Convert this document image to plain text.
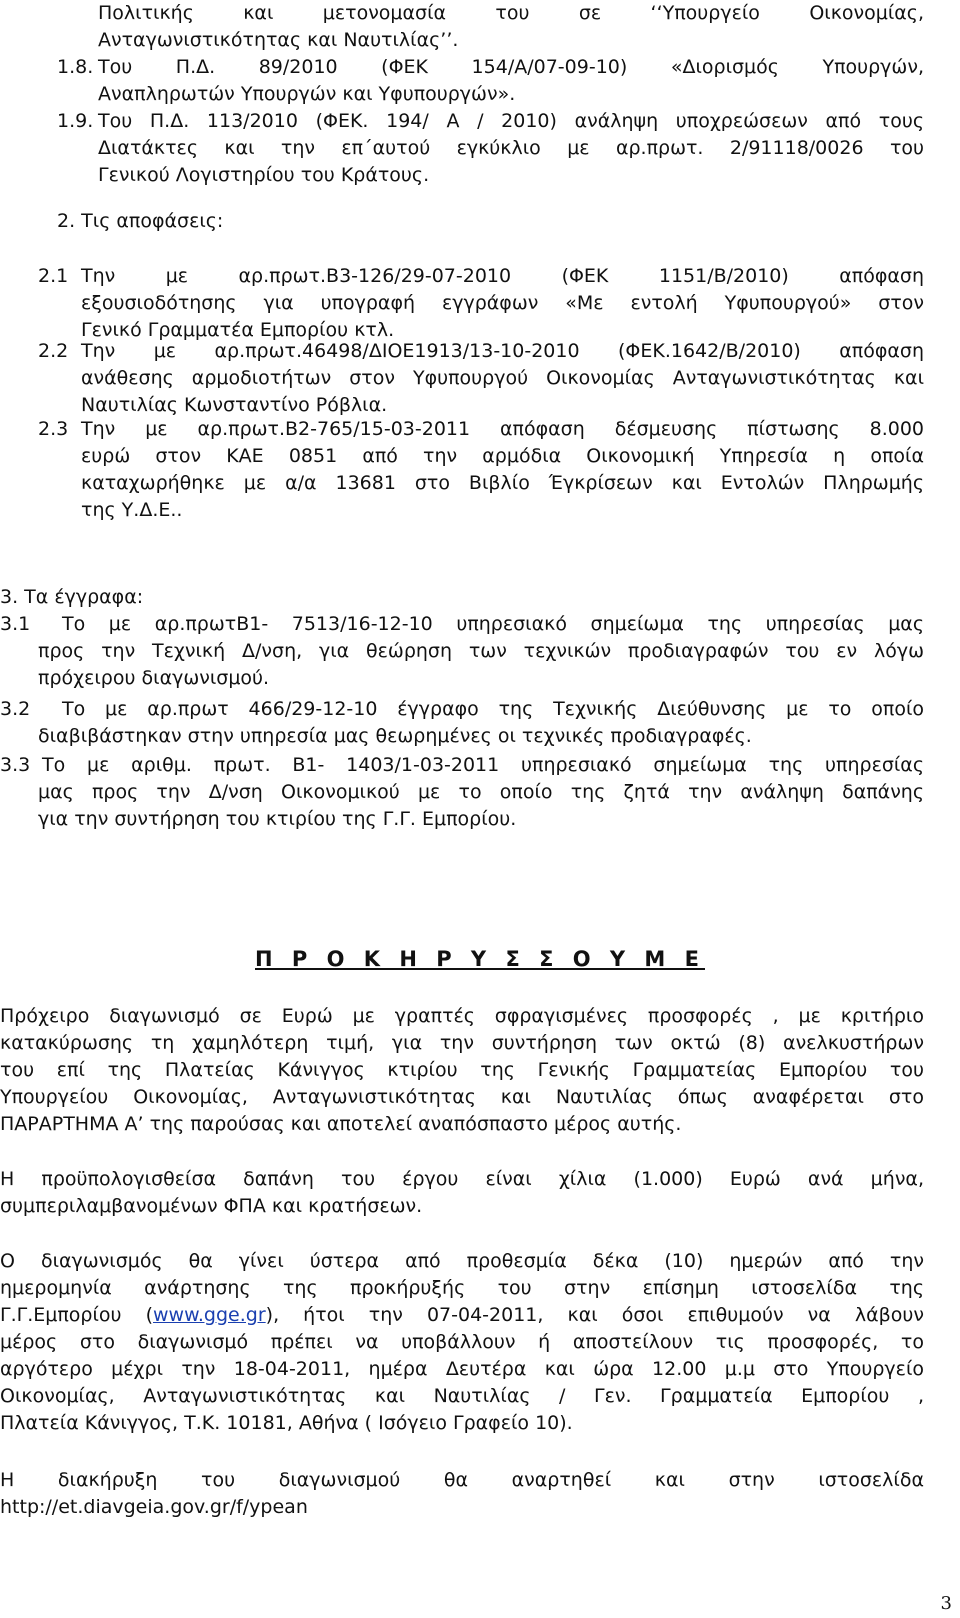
Πολιτικής και μετονομασία του σε ‘‘Υπουργείο Οικονομίας,
Ανταγωνιστικότητας και Ναυτιλίας’’.
1.8. Του Π.Δ. 89/2010 (ΦΕΚ 154/Α/07-09-10) «Διορισμός Υπουργών,
Αναπληρωτών Υπουργών και Υφυπουργών».
1.9. Του Π.Δ. 113/2010 (ΦΕΚ. 194/ Α / 2010) ανάληψη υποχρεώσεων από τους
Διατάκτες και την επ΄αυτού εγκύκλιο με αρ.πρωτ. 2/91118/0026 του
Γενικού Λογιστηρίου του Κράτους.
2. Τις αποφάσεις:
2.1 Την με αρ.πρωτ.Β3-126/29-07-2010 (ΦΕΚ 1151/Β/2010) απόφαση
εξουσιοδότησης για υπογραφή εγγράφων «Με εντολή Υφυπουργού» στον
Γενικό Γραμματέα Εμπορίου κτλ.
2.2 Την με αρ.πρωτ.46498/ΔΙΟΕ1913/13-10-2010 (ΦΕΚ.1642/Β/2010) απόφαση
ανάθεσης αρμοδιοτήτων στον Υφυπουργού Οικονομίας Ανταγωνιστικότητας και
Ναυτιλίας Κωνσταντίνο Ρόβλια.
2.3 Την με αρ.πρωτ.Β2-765/15-03-2011 απόφαση δέσμευσης πίστωσης 8.000
ευρώ στον ΚΑΕ 0851 από την αρμόδια Οικονομική Υπηρεσία η οποία
καταχωρήθηκε με α/α 13681 στο Βιβλίο Έγκρίσεων και Εντολών Πληρωμής
της Υ.Δ.Ε..
3. Τα έγγραφα:
3.1 Το με αρ.πρωτΒ1- 7513/16-12-10 υπηρεσιακό σημείωμα της υπηρεσίας μας
προς την Τεχνική Δ/νση, για θεώρηση των τεχνικών προδιαγραφών του εν λόγω
πρόχειρου διαγωνισμού.
3.2 Το με αρ.πρωτ 466/29-12-10 έγγραφο της Τεχνικής Διεύθυνσης με το οποίο
διαβιβάστηκαν στην υπηρεσία μας θεωρημένες οι τεχνικές προδιαγραφές.
3.3 Το με αριθμ. πρωτ. Β1- 1403/1-03-2011 υπηρεσιακό σημείωμα της υπηρεσίας
μας προς την Δ/νση Οικονομικού με το οποίο της ζητά την ανάληψη δαπάνης
για την συντήρηση του κτιρίου της Γ.Γ. Εμπορίου.
Π Ρ Ο Κ Η Ρ Υ Σ Σ Ο Υ Μ Ε
Πρόχειρο διαγωνισμό σε Ευρώ με γραπτές σφραγισμένες προσφορές , με κριτήριο
κατακύρωσης τη χαμηλότερη τιμή, για την συντήρηση των οκτώ (8) ανελκυστήρων
του επί της Πλατείας Κάνιγγος κτιρίου της Γενικής Γραμματείας Εμπορίου του
Υπουργείου Οικονομίας, Ανταγωνιστικότητας και Ναυτιλίας όπως αναφέρεται στο
ΠΑΡΑΡΤΗΜΑ Α’ της παρούσας και αποτελεί αναπόσπαστο μέρος αυτής.
Η προϋπολογισθείσα δαπάνη του έργου είναι χίλια (1.000) Ευρώ ανά μήνα,
συμπεριλαμβανομένων ΦΠΑ και κρατήσεων.
Ο διαγωνισμός θα γίνει ύστερα από προθεσμία δέκα (10) ημερών από την
ημερομηνία ανάρτησης της προκήρυξής του στην επίσημη ιστοσελίδα της
Γ.Γ.Εμπορίου (www.gge.gr), ήτοι την 07-04-2011, και όσοι επιθυμούν να λάβουν
μέρος στο διαγωνισμό πρέπει να υποβάλλουν ή αποστείλουν τις προσφορές, το
αργότερο μέχρι την 18-04-2011, ημέρα Δευτέρα και ώρα 12.00 μ.μ στο Υπουργείο
Οικονομίας, Ανταγωνιστικότητας και Ναυτιλίας / Γεν. Γραμματεία Εμπορίου ,
Πλατεία Κάνιγγος, Τ.Κ. 10181, Αθήνα ( Ισόγειο Γραφείο 10).
Η διακήρυξη του διαγωνισμού θα αναρτηθεί και στην ιστοσελίδα
http://et.diavgeia.gov.gr/f/ypean
3
